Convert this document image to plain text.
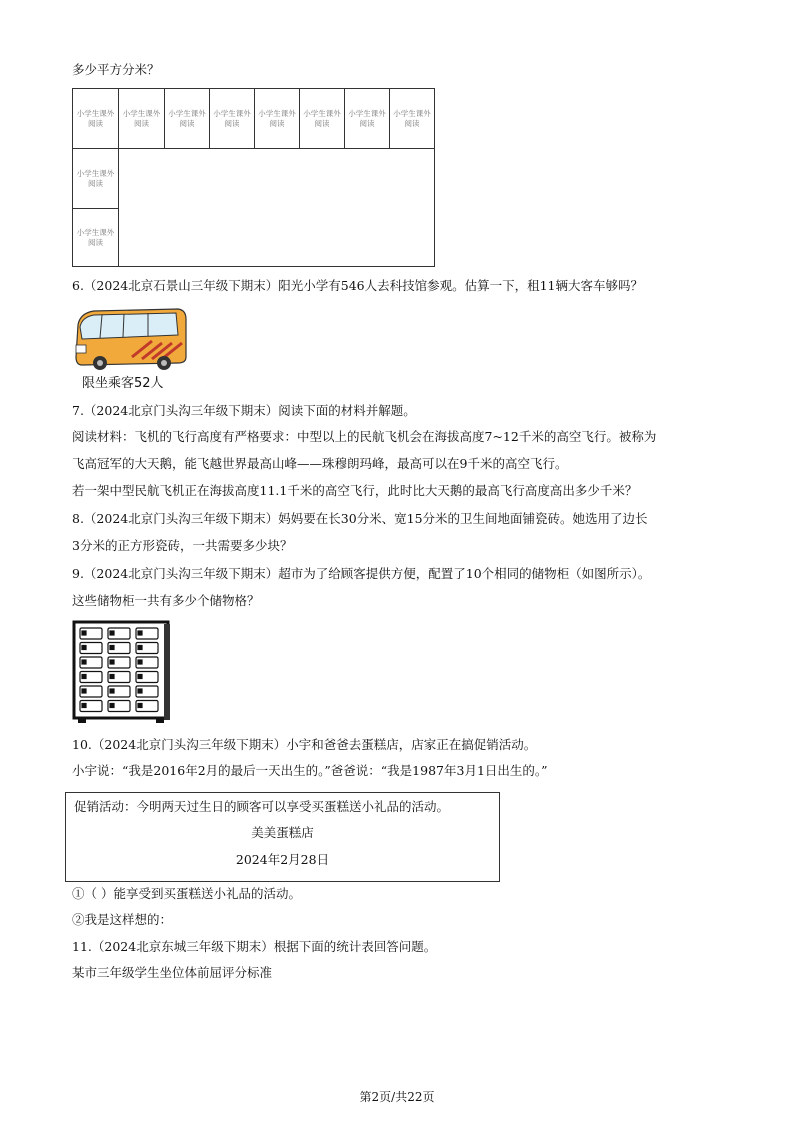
多少平方分米？
小学生课外阅读
小学生课外阅读
小学生课外阅读
小学生课外阅读
小学生课外阅读
小学生课外阅读
小学生课外阅读
小学生课外阅读
小学生课外阅读
小学生课外阅读
6.（2024北京石景山三年级下期末）阳光小学有546人去科技馆参观。估算一下，租11辆大客车够吗？
限坐乘客52人
7.（2024北京门头沟三年级下期末）阅读下面的材料并解题。
阅读材料：飞机的飞行高度有严格要求：中型以上的民航飞机会在海拔高度7~12千米的高空飞行。被称为
飞高冠军的大天鹅，能飞越世界最高山峰——珠穆朗玛峰，最高可以在9千米的高空飞行。
若一架中型民航飞机正在海拔高度11.1千米的高空飞行，此时比大天鹅的最高飞行高度高出多少千米？
8.（2024北京门头沟三年级下期末）妈妈要在长30分米、宽15分米的卫生间地面铺瓷砖。她选用了边长
3分米的正方形瓷砖，一共需要多少块？
9.（2024北京门头沟三年级下期末）超市为了给顾客提供方便，配置了10个相同的储物柜（如图所示）。
这些储物柜一共有多少个储物格？
10.（2024北京门头沟三年级下期末）小宇和爸爸去蛋糕店，店家正在搞促销活动。
小宇说：“我是2016年2月的最后一天出生的。”爸爸说：“我是1987年3月1日出生的。”
促销活动：今明两天过生日的顾客可以享受买蛋糕送小礼品的活动。
美美蛋糕店
2024年2月28日
①（ ）能享受到买蛋糕送小礼品的活动。
②我是这样想的：
11.（2024北京东城三年级下期末）根据下面的统计表回答问题。
某市三年级学生坐位体前屈评分标准
第2页/共22页
